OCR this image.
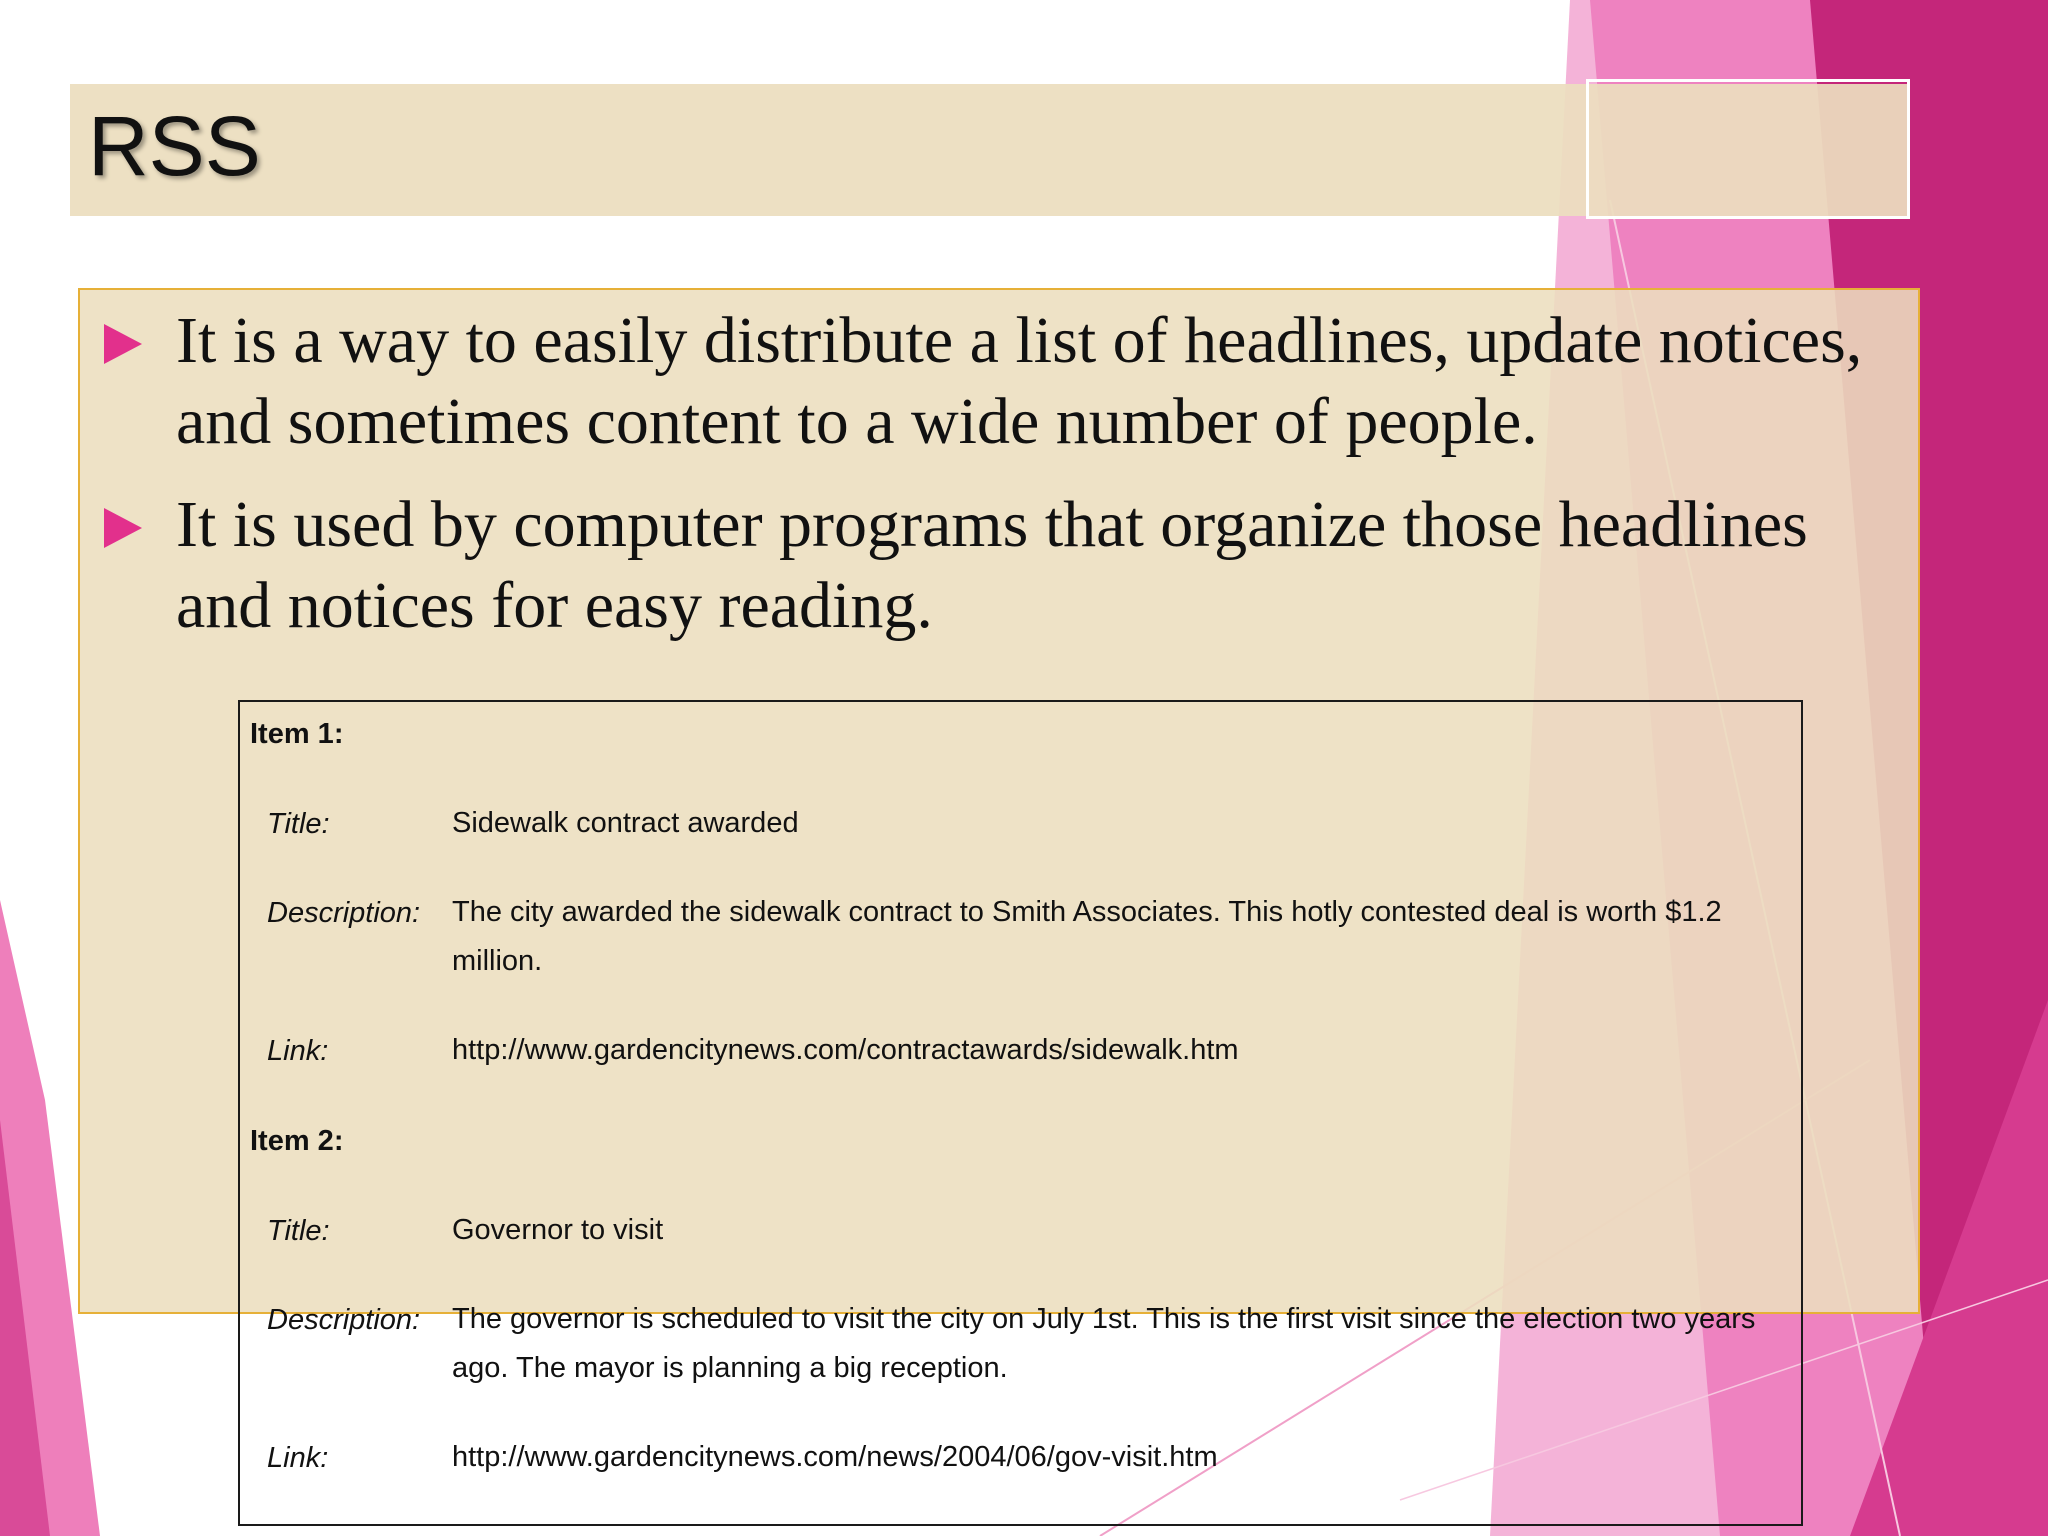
RSS
It is a way to easily distribute a list of headlines, update notices, and sometimes content to a wide number of people.
It is used by computer programs that organize those headlines and notices for easy reading.
Item 1:
Title:	Sidewalk contract awarded
Description: The city awarded the sidewalk contract to Smith Associates. This hotly contested deal is worth $1.2 million.
Link:	http://www.gardencitynews.com/contractawards/sidewalk.htm
Item 2:
Title:	Governor to visit
Description: The governor is scheduled to visit the city on July 1st. This is the first visit since the election two years ago. The mayor is planning a big reception.
Link:	http://www.gardencitynews.com/news/2004/06/gov-visit.htm
